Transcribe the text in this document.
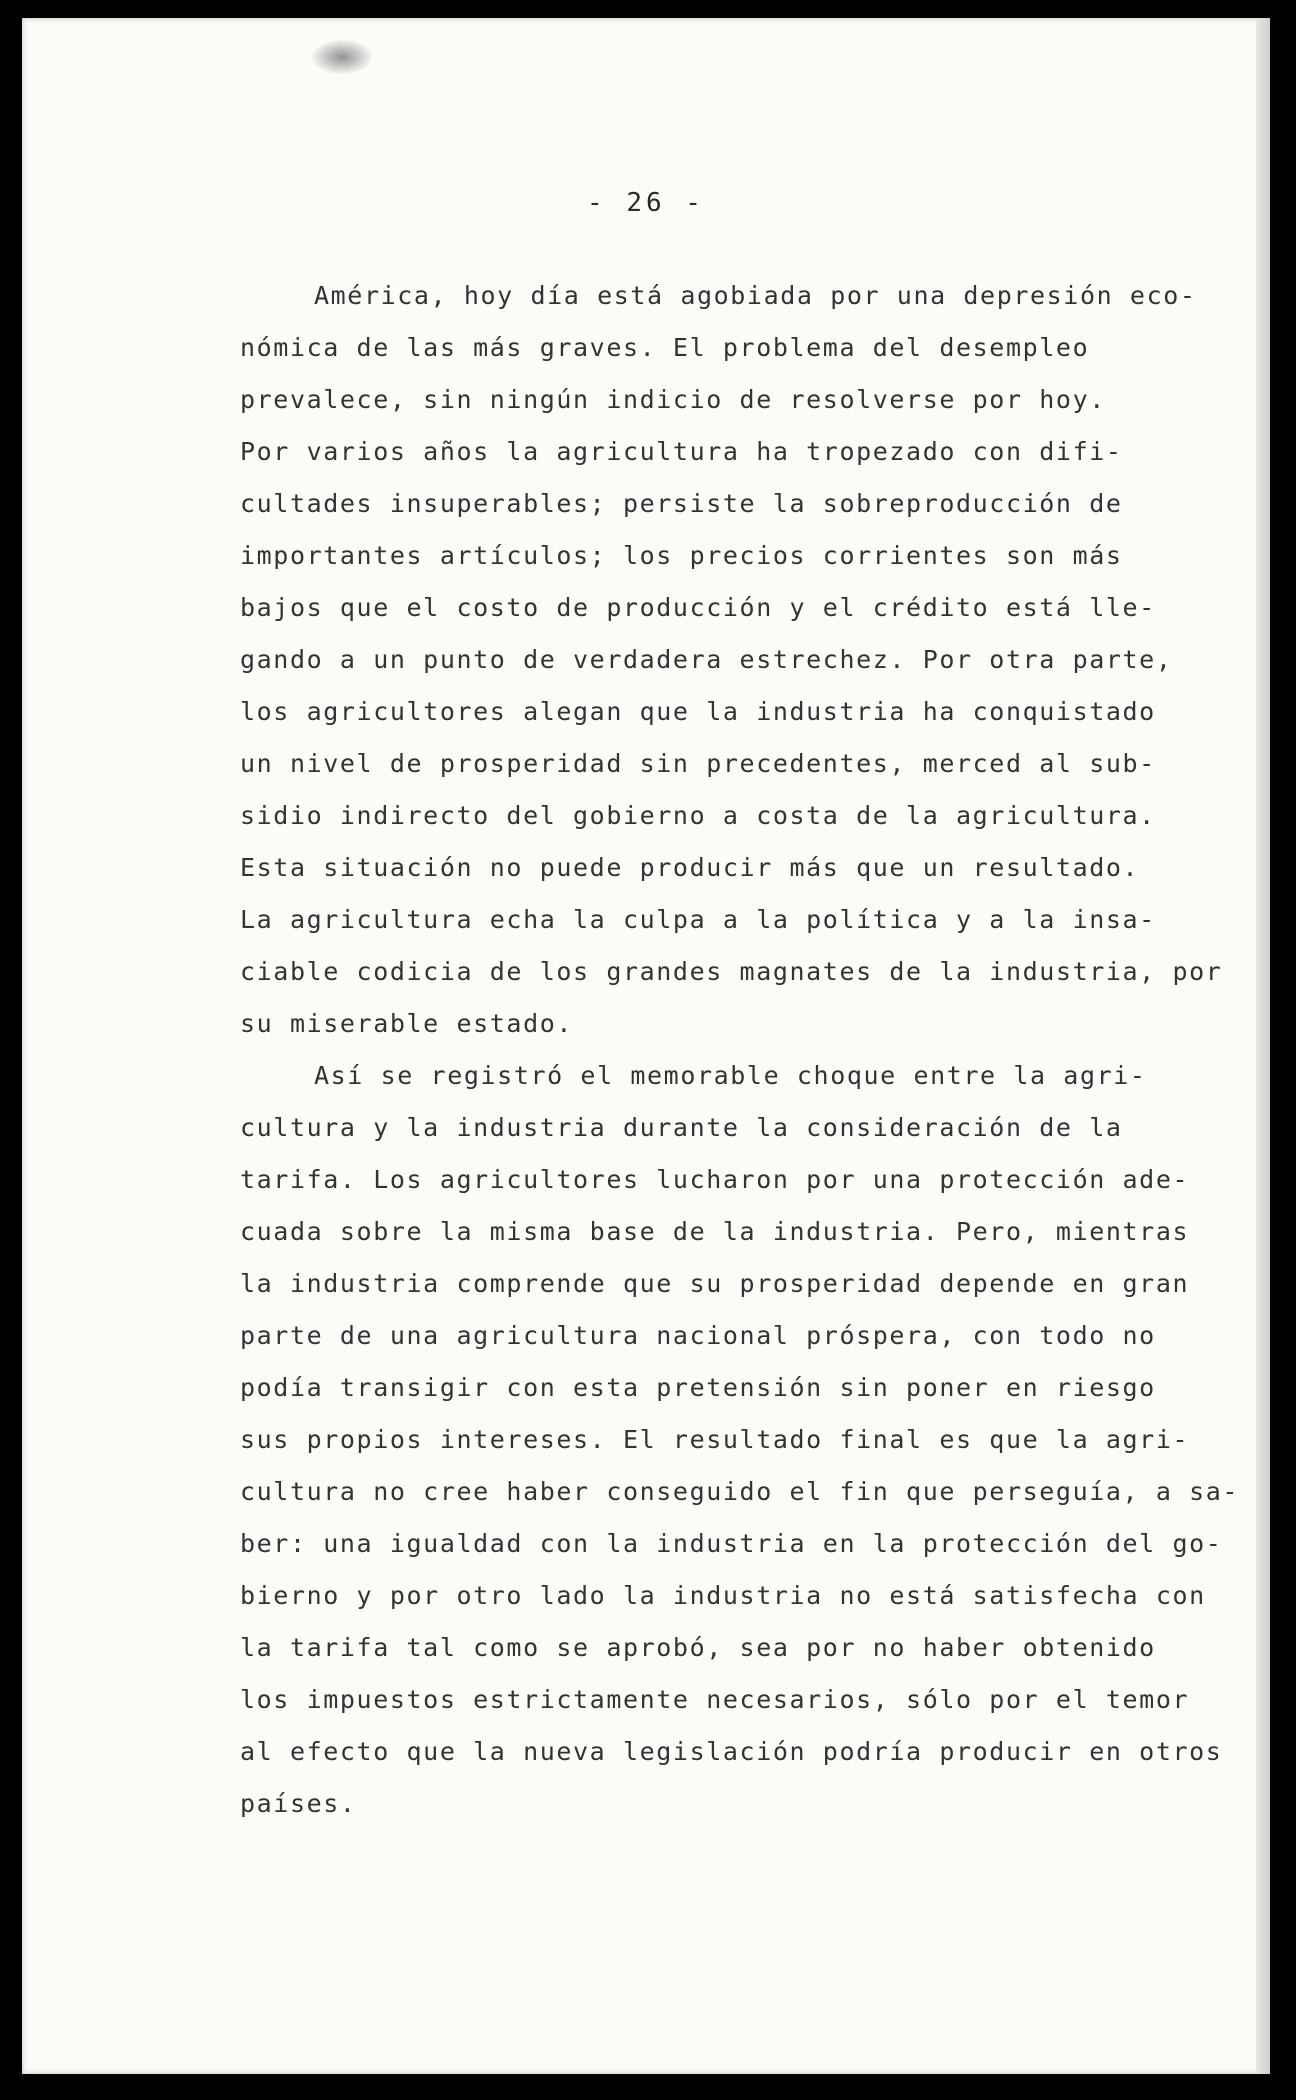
- 26 -
América, hoy día está agobiada por una depresión eco-
nómica de las más graves. El problema del desempleo
prevalece, sin ningún indicio de resolverse por hoy.
Por varios años la agricultura ha tropezado con difi-
cultades insuperables; persiste la sobreproducción de
importantes artículos; los precios corrientes son más
bajos que el costo de producción y el crédito está lle-
gando a un punto de verdadera estrechez. Por otra parte,
los agricultores alegan que la industria ha conquistado
un nivel de prosperidad sin precedentes, merced al sub-
sidio indirecto del gobierno a costa de la agricultura.
Esta situación no puede producir más que un resultado.
La agricultura echa la culpa a la política y a la insa-
ciable codicia de los grandes magnates de la industria, por
su miserable estado.
Así se registró el memorable choque entre la agri-
cultura y la industria durante la consideración de la
tarifa. Los agricultores lucharon por una protección ade-
cuada sobre la misma base de la industria. Pero, mientras
la industria comprende que su prosperidad depende en gran
parte de una agricultura nacional próspera, con todo no
podía transigir con esta pretensión sin poner en riesgo
sus propios intereses. El resultado final es que la agri-
cultura no cree haber conseguido el fin que perseguía, a sa-
ber: una igualdad con la industria en la protección del go-
bierno y por otro lado la industria no está satisfecha con
la tarifa tal como se aprobó, sea por no haber obtenido
los impuestos estrictamente necesarios, sólo por el temor
al efecto que la nueva legislación podría producir en otros
países.
